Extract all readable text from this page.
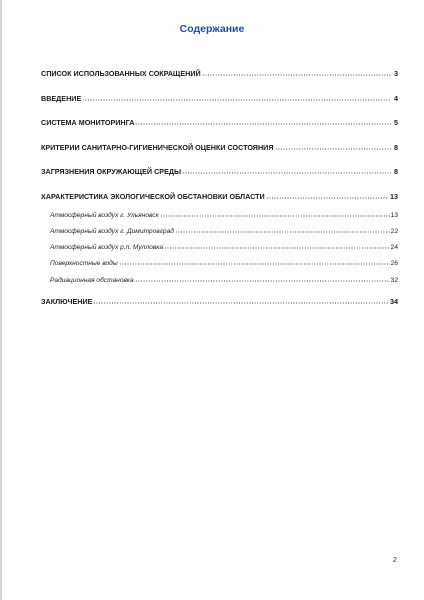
Содержание
СПИСОК ИСПОЛЬЗОВАННЫХ СОКРАЩЕНИЙ	3
ВВЕДЕНИЕ	4
СИСТЕМА МОНИТОРИНГА	5
КРИТЕРИИ САНИТАРНО-ГИГИЕНИЧЕСКОЙ ОЦЕНКИ СОСТОЯНИЯ	8
ЗАГРЯЗНЕНИЯ ОКРУЖАЮЩЕЙ СРЕДЫ	8
ХАРАКТЕРИСТИКА ЭКОЛОГИЧЕСКОЙ ОБСТАНОВКИ ОБЛАСТИ	13
Атмосферный воздух г. Ульяновск	13
Атмосферный воздух г. Димитровград	22
Атмосферный воздух р.п. Мулловка	24
Поверхностные воды	26
Радиационная обстановка	32
ЗАКЛЮЧЕНИЕ	34
2
